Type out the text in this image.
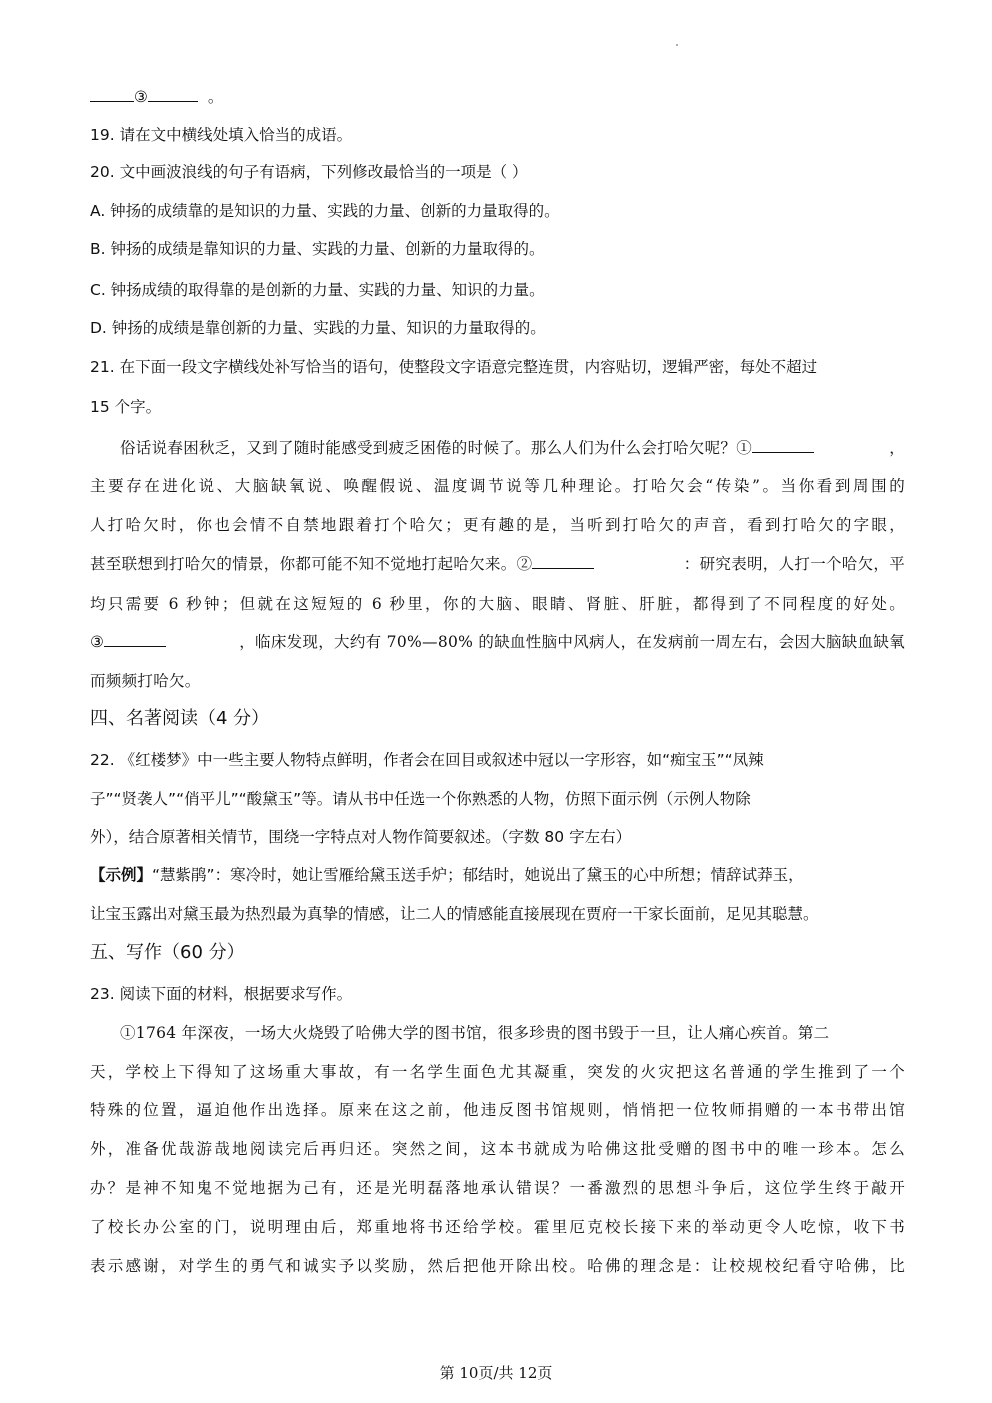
③	。
19. 请在文中横线处填入恰当的成语。
20. 文中画波浪线的句子有语病，下列修改最恰当的一项是（ ）
A. 钟扬的成绩靠的是知识的力量、实践的力量、创新的力量取得的。
B. 钟扬的成绩是靠知识的力量、实践的力量、创新的力量取得的。
C. 钟扬成绩的取得靠的是创新的力量、实践的力量、知识的力量。
D. 钟扬的成绩是靠创新的力量、实践的力量、知识的力量取得的。
21. 在下面一段文字横线处补写恰当的语句，使整段文字语意完整连贯，内容贴切，逻辑严密，每处不超过
15 个字。
俗话说春困秋乏，又到了随时能感受到疲乏困倦的时候了。那么人们为什么会打哈欠呢？①	，
主要存在进化说、大脑缺氧说、唤醒假说、温度调节说等几种理论。打哈欠会“传染”。当你看到周围的
人打哈欠时，你也会情不自禁地跟着打个哈欠；更有趣的是，当听到打哈欠的声音，看到打哈欠的字眼，
甚至联想到打哈欠的情景，你都可能不知不觉地打起哈欠来。②	：研究表明，人打一个哈欠，平
均只需要 6 秒钟；但就在这短短的 6 秒里，你的大脑、眼睛、肾脏、肝脏，都得到了不同程度的好处。
③	，临床发现，大约有 70%—80% 的缺血性脑中风病人，在发病前一周左右，会因大脑缺血缺氧
而频频打哈欠。
四、名著阅读（4 分）
22. 《红楼梦》中一些主要人物特点鲜明，作者会在回目或叙述中冠以一字形容，如“痴宝玉”“凤辣
子”“贤袭人”“俏平儿”“酸黛玉”等。请从书中任选一个你熟悉的人物，仿照下面示例（示例人物除
外），结合原著相关情节，围绕一字特点对人物作简要叙述。（字数 80 字左右）
【示例】“慧紫鹃”：寒冷时，她让雪雁给黛玉送手炉；郁结时，她说出了黛玉的心中所想；情辞试莽玉，
让宝玉露出对黛玉最为热烈最为真挚的情感，让二人的情感能直接展现在贾府一干家长面前，足见其聪慧。
五、写作（60 分）
23. 阅读下面的材料，根据要求写作。
①1764 年深夜，一场大火烧毁了哈佛大学的图书馆，很多珍贵的图书毁于一旦，让人痛心疾首。第二
天，学校上下得知了这场重大事故，有一名学生面色尤其凝重，突发的火灾把这名普通的学生推到了一个
特殊的位置，逼迫他作出选择。原来在这之前，他违反图书馆规则，悄悄把一位牧师捐赠的一本书带出馆
外，准备优哉游哉地阅读完后再归还。突然之间，这本书就成为哈佛这批受赠的图书中的唯一珍本。怎么
办？是神不知鬼不觉地据为己有，还是光明磊落地承认错误？一番激烈的思想斗争后，这位学生终于敲开
了校长办公室的门，说明理由后，郑重地将书还给学校。霍里厄克校长接下来的举动更令人吃惊，收下书
表示感谢，对学生的勇气和诚实予以奖励，然后把他开除出校。哈佛的理念是：让校规校纪看守哈佛，比
第 10页/共 12页
